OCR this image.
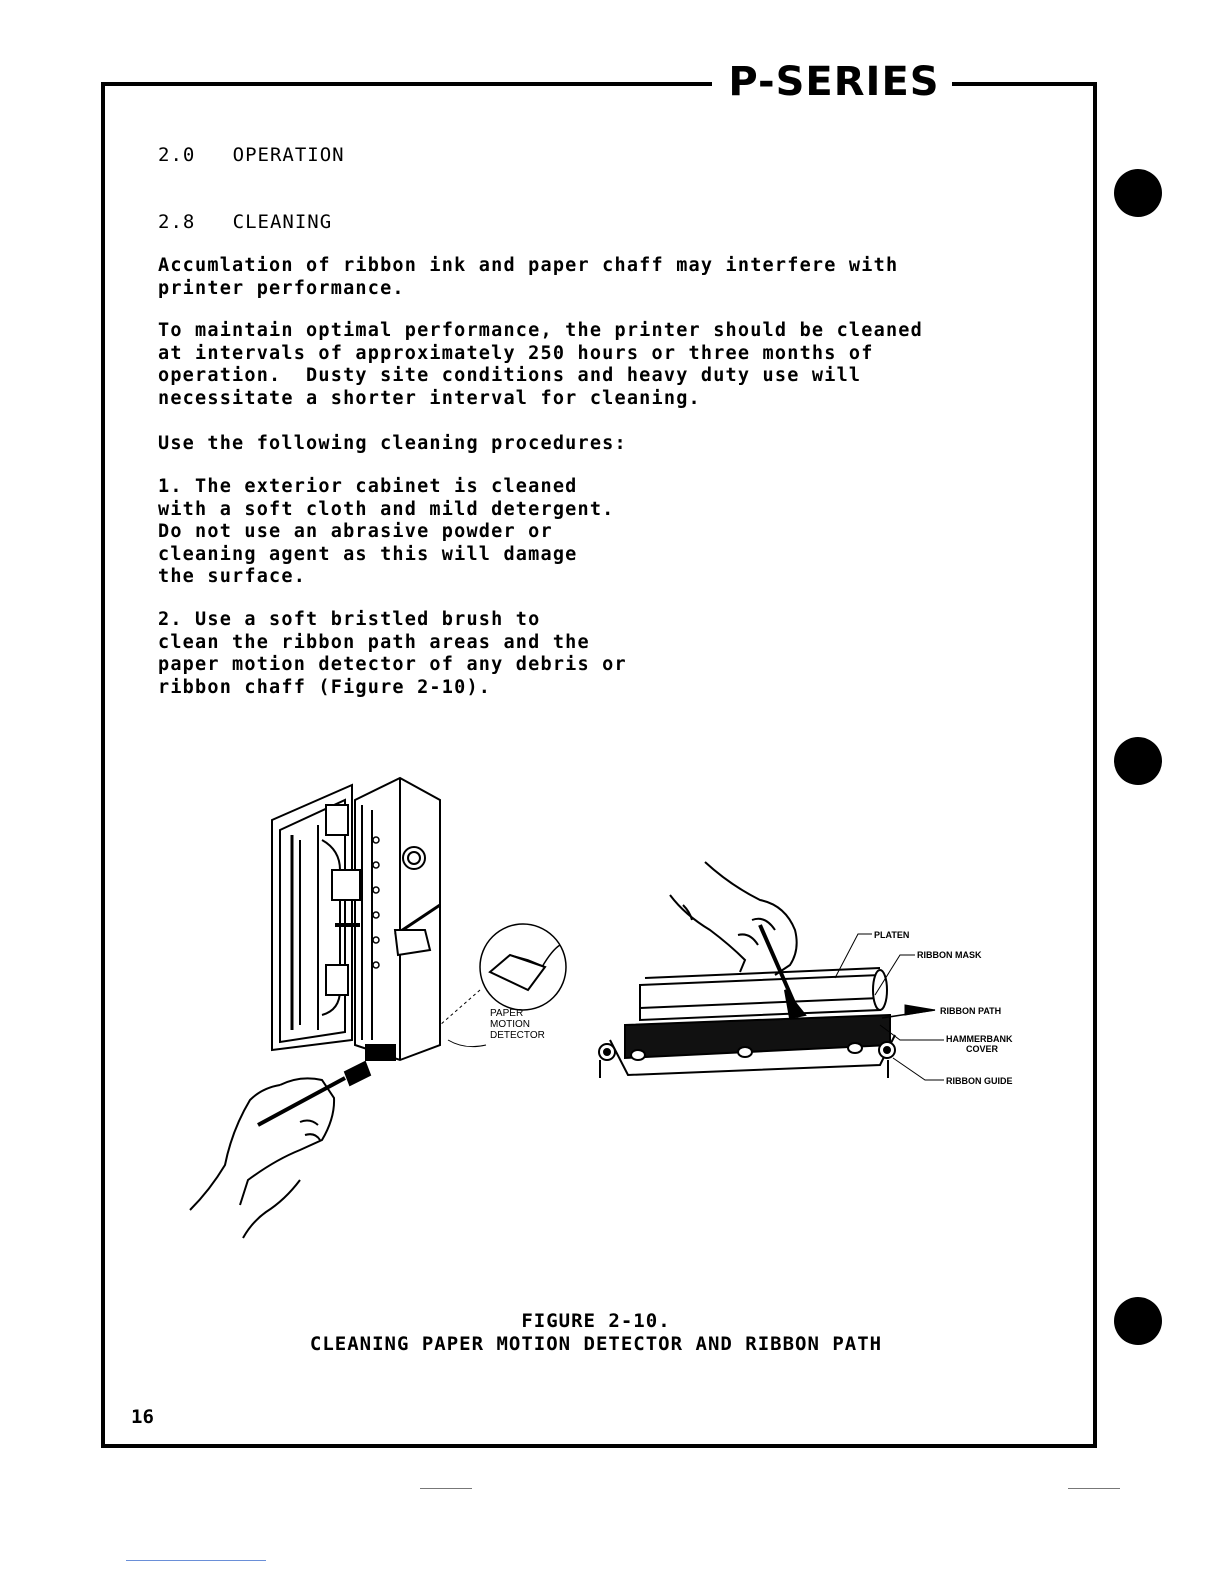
P-SERIES
2.0 OPERATION
2.8 CLEANING
Accumlation of ribbon ink and paper chaff may interfere with
printer performance.
To maintain optimal performance, the printer should be cleaned
at intervals of approximately 250 hours or three months of
operation.  Dusty site conditions and heavy duty use will
necessitate a shorter interval for cleaning.
Use the following cleaning procedures:
1. The exterior cabinet is cleaned
with a soft cloth and mild detergent.
Do not use an abrasive powder or
cleaning agent as this will damage
the surface.
2. Use a soft bristled brush to
clean the ribbon path areas and the
paper motion detector of any debris or
ribbon chaff (Figure 2-10).
PAPER
MOTION
DETECTOR
PLATEN
RIBBON MASK
RIBBON PATH
HAMMERBANK
COVER
RIBBON GUIDE
FIGURE 2-10.
CLEANING PAPER MOTION DETECTOR AND RIBBON PATH
16
